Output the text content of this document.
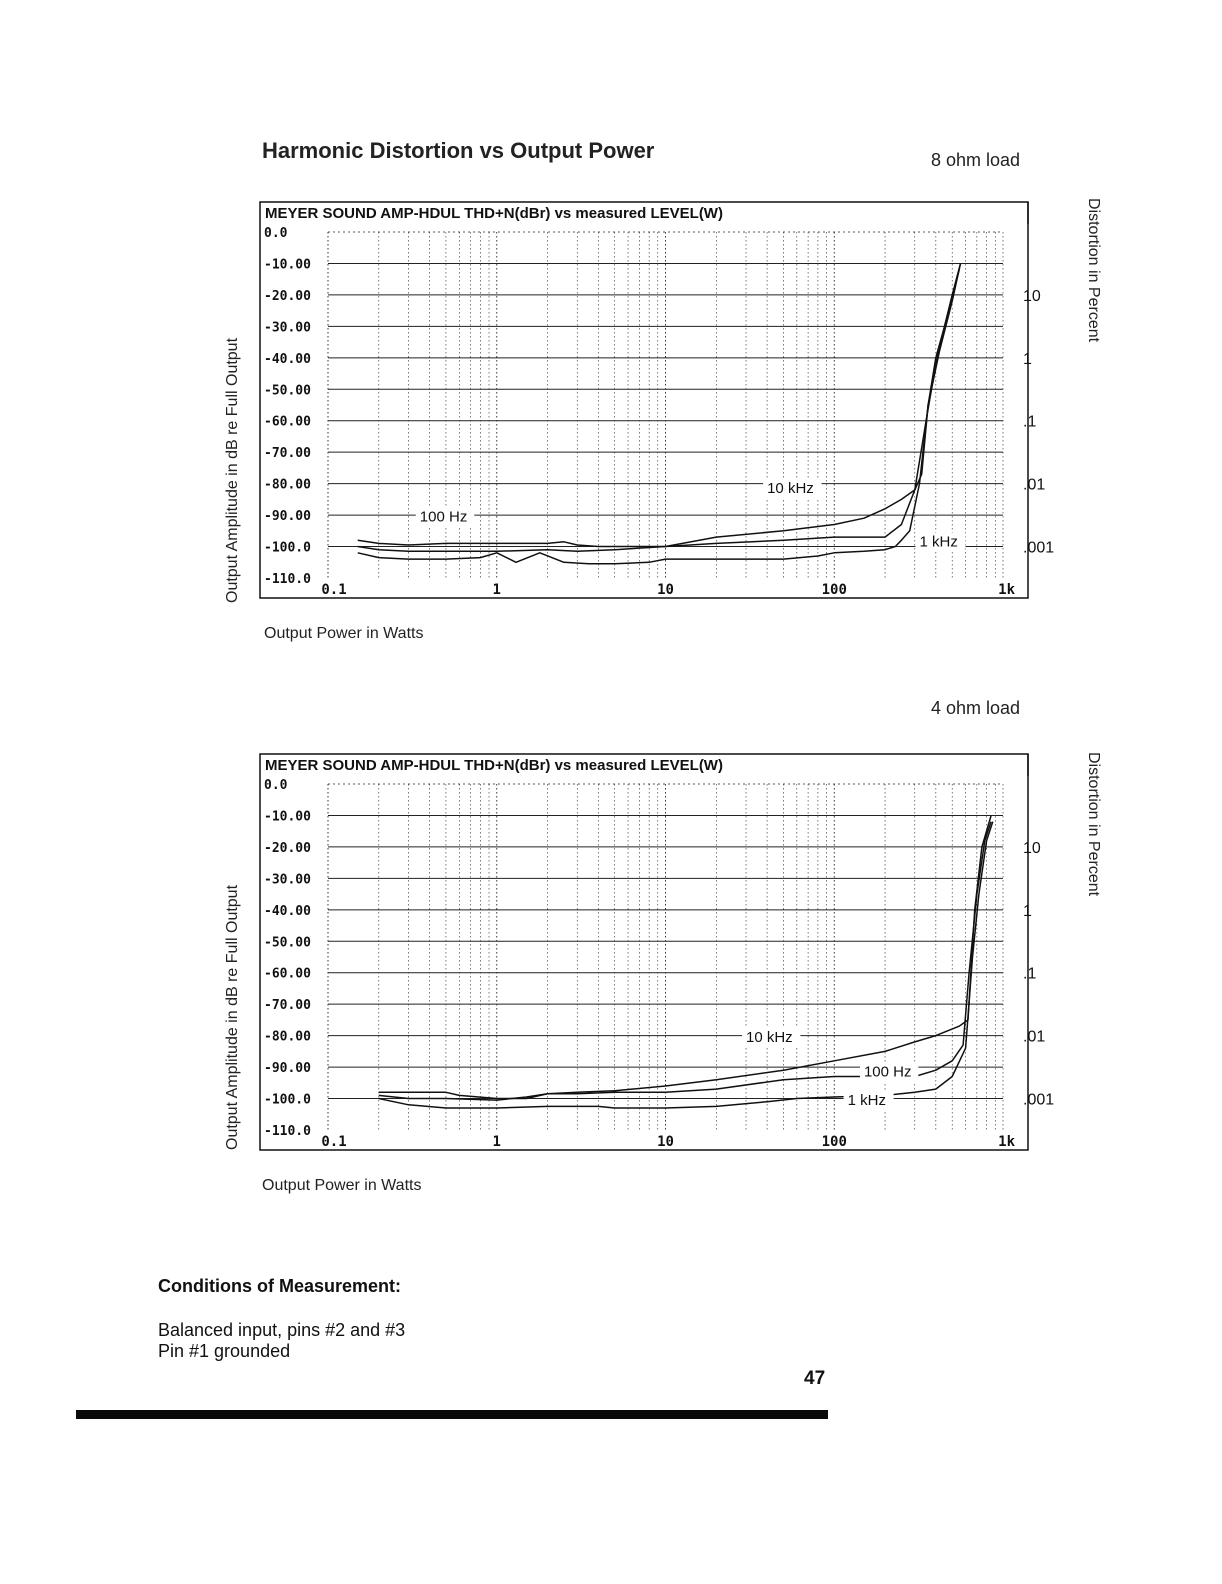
Harmonic Distortion vs Output Power	8 ohm load
Output Amplitude in dB re Full Output
Distortion in Percent
MEYER SOUND AMP-HDUL THD+N(dBr) vs measured LEVEL(W)
0.0
-10.00
-20.00
-30.00
-40.00
-50.00
-60.00
-70.00
-80.00
-90.00
-100.0
-110.0
10
1
.1
.01
.001
0.1	1	10	100	1k
10 kHz
100 Hz
1 kHz
Output Power in Watts
4 ohm load
Output Amplitude in dB re Full Output
Distortion in Percent
MEYER SOUND AMP-HDUL THD+N(dBr) vs measured LEVEL(W)
0.0
-10.00
-20.00
-30.00
-40.00
-50.00
-60.00
-70.00
-80.00
-90.00
-100.0
-110.0
10
1
.1
.01
.001
0.1	1	10	100	1k
10 kHz
100 Hz
1 kHz
Output Power in Watts
Conditions of Measurement:
Balanced input, pins #2 and #3
Pin #1 grounded
47
